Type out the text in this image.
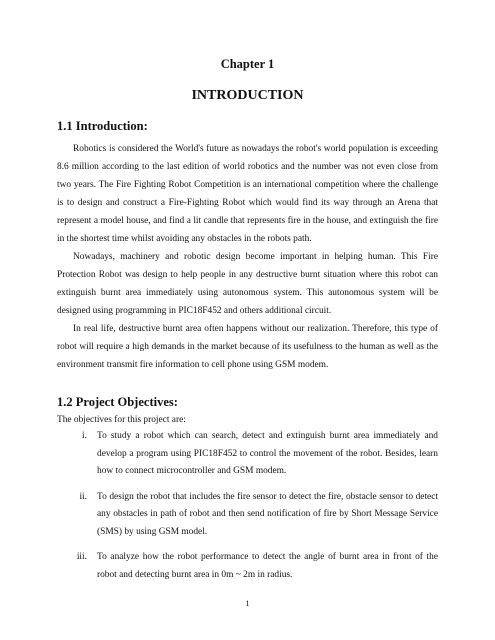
Chapter 1
INTRODUCTION
1.1 Introduction:

Robotics is considered the World's future as nowadays the robot's world population is exceeding 8.6 million according to the last edition of world robotics and the number was not even close from two years. The Fire Fighting Robot Competition is an international competition where the challenge is to design and construct a Fire-Fighting Robot which would find its way through an Arena that represent a model house, and find a lit candle that represents fire in the house, and extinguish the fire in the shortest time whilst avoiding any obstacles in the robots path.

Nowadays, machinery and robotic design become important in helping human. This Fire Protection Robot was design to help people in any destructive burnt situation where this robot can extinguish burnt area immediately using autonomous system. This autonomous system will be designed using programming in PIC18F452 and others additional circuit.

In real life, destructive burnt area often happens without our realization. Therefore, this type of robot will require a high demands in the market because of its usefulness to the human as well as the environment transmit fire information to cell phone using GSM modem.

1.2 Project Objectives:
The objectives for this project are:
i.	To study a robot which can search, detect and extinguish burnt area immediately and develop a program using PIC18F452 to control the movement of the robot. Besides, learn how to connect microcontroller and GSM modem.
ii.	To design the robot that includes the fire sensor to detect the fire, obstacle sensor to detect any obstacles in path of robot and then send notification of fire by Short Message Service (SMS) by using GSM model.
iii.	To analyze how the robot performance to detect the angle of burnt area in front of the robot and detecting burnt area in 0m ~ 2m in radius.
1
